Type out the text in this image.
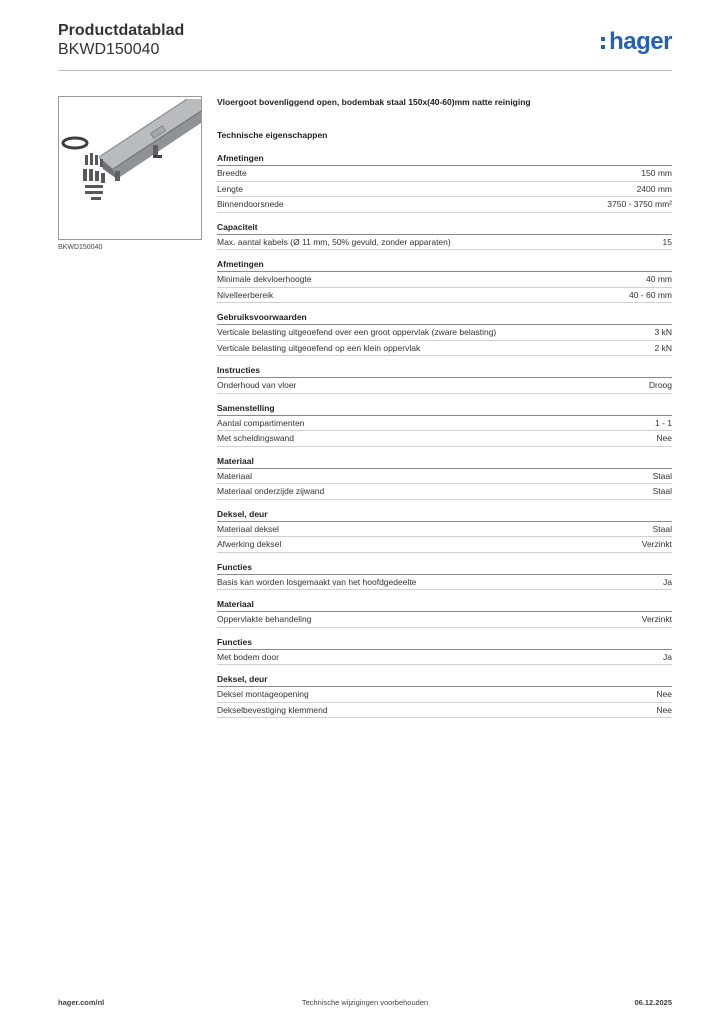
Productdatablad
BKWD150040	hager
BKWD150040
Vloergoot bovenliggend open, bodembak staal 150x(40-60)mm natte reiniging
Technische eigenschappen
Afmetingen
Breedte	150 mm
Lengte	2400 mm
Binnendoorsnede	3750 - 3750 mm²
Capaciteit
Max. aantal kabels (Ø 11 mm, 50% gevuld, zonder apparaten)	15
Afmetingen
Minimale dekvloerhoogte	40 mm
Nivelleerbereik	40 - 60 mm
Gebruiksvoorwaarden
Verticale belasting uitgeoefend over een groot oppervlak (zware belasting)	3 kN
Verticale belasting uitgeoefend op een klein oppervlak	2 kN
Instructies
Onderhoud van vloer	Droog
Samenstelling
Aantal compartimenten	1 - 1
Met scheidingswand	Nee
Materiaal
Materiaal	Staal
Materiaal onderzijde zijwand	Staal
Deksel, deur
Materiaal deksel	Staal
Afwerking deksel	Verzinkt
Functies
Basis kan worden losgemaakt van het hoofdgedeelte	Ja
Materiaal
Oppervlakte behandeling	Verzinkt
Functies
Met bodem door	Ja
Deksel, deur
Deksel montageopening	Nee
Dekselbevestiging klemmend	Nee
hager.com/nl	Technische wijzigingen voorbehouden	06.12.2025
